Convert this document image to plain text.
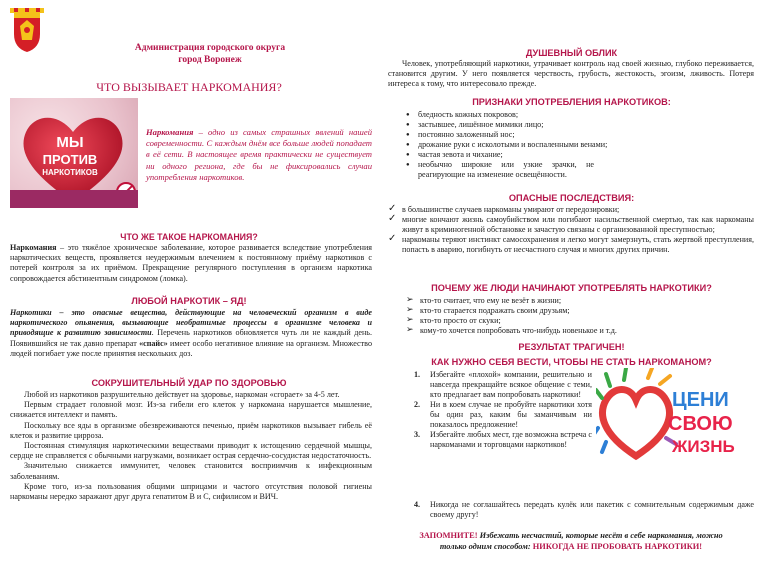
Администрация городского округа
город Воронеж
ЧТО ВЫЗЫВАЕТ НАРКОМАНИЯ?
МЫ
ПРОТИВ
НАРКОТИКОВ
Наркомания – одно из самых страшных явлений нашей современности. С каждым днём все больше людей попадает в её сети. В настоящее время практически не существует ни одного региона, где бы не фиксировались случаи употребления наркотиков.
ЧТО ЖЕ ТАКОЕ НАРКОМАНИЯ?
Наркомания – это тяжёлое хроническое заболевание, которое развивается вследствие употребления наркотических веществ, проявляется неудержимым влечением к постоянному приёму наркотиков с потерей контроля за их приёмом. Прекращение регулярного поступления в организм наркотика сопровождается абстинентным синдромом (ломка).
ЛЮБОЙ НАРКОТИК – ЯД!
Наркотики – это опасные вещества, действующие на человеческий организм в виде наркотического опьянения, вызывающие необратимые процессы в организме человека и приводящие к развитию зависимости. Перечень наркотиков обновляется чуть ли не каждый день. Появившийся не так давно препарат «спайс» имеет особо негативное влияние на организм. Множество людей погибает уже после принятия нескольких доз.
СОКРУШИТЕЛЬНЫЙ УДАР ПО ЗДОРОВЬЮ
Любой из наркотиков разрушительно действует на здоровье, наркоман «сгорает» за 4-5 лет.
Первым страдает головной мозг. Из-за гибели его клеток у наркомана нарушается мышление, снижается интеллект и память.
Поскольку все яды в организме обезвреживаются печенью, приём наркотиков вызывает гибель её клеток и развитие цирроза.
Постоянная стимуляция наркотическими веществами приводит к истощению сердечной мышцы, сердце не справляется с обычными нагрузками, возникает острая сердечно-сосудистая недостаточность.
Значительно снижается иммунитет, человек становится восприимчив к инфекционным заболеваниям.
Кроме того, из-за пользования общими шприцами и частого отсутствия половой гигиены наркоманы нередко заражают друг друга гепатитом В и С, сифилисом и ВИЧ.
ДУШЕВНЫЙ ОБЛИК
Человек, употребляющий наркотики, утрачивает контроль над своей жизнью, глубоко переживается, становится другим. У него появляется черствость, грубость, жестокость, эгоизм, лживость. Потеря интереса к тому, что интересовало прежде.
ПРИЗНАКИ УПОТРЕБЛЕНИЯ НАРКОТИКОВ:
● бледность кожных покровов;
● застывшее, лишённое мимики лицо;
● постоянно заложенный нос;
● дрожание руки с исколотыми и воспаленными венами;
● частая зевота и чихание;
● необычно широкие или узкие зрачки, не реагирующие на изменение освещённости.
ОПАСНЫЕ ПОСЛЕДСТВИЯ:
✓ в большинстве случаев наркоманы умирают от передозировки;
✓ многие кончают жизнь самоубийством или погибают насильственной смертью, так как наркоманы живут в криминогенной обстановке и зачастую связаны с организованной преступностью;
✓ наркоманы теряют инстинкт самосохранения и легко могут замерзнуть, стать жертвой преступления, попасть в аварию, погибнуть от несчастного случая и многих других причин.
ПОЧЕМУ ЖЕ ЛЮДИ НАЧИНАЮТ УПОТРЕБЛЯТЬ НАРКОТИКИ?
➢ кто-то считает, что ему не везёт в жизни;
➢ кто-то старается подражать своим друзьям;
➢ кто-то просто от скуки;
➢ кому-то хочется попробовать что-нибудь новенькое и т.д.
РЕЗУЛЬТАТ ТРАГИЧЕН!
КАК НУЖНО СЕБЯ ВЕСТИ, ЧТОБЫ НЕ СТАТЬ НАРКОМАНОМ?
1. Избегайте «плохой» компании, решительно и навсегда прекращайте всякое общение с теми, кто предлагает вам попробовать наркотики!
2. Ни в коем случае не пробуйте наркотики хотя бы один раз, каким бы заманчивым ни показалось предложение!
3. Избегайте любых мест, где возможна встреча с наркоманами и торговцами наркотиков!
4. Никогда не соглашайтесь передать кулёк или пакетик с сомнительным содержимым даже своему другу!
ЗАПОМНИТЕ! Избежать несчастий, которые несёт в себе наркомания, можно
только одним способом: НИКОГДА НЕ ПРОБОВАТЬ НАРКОТИКИ!
ЦЕНИ
СВОЮ
ЖИЗНЬ
